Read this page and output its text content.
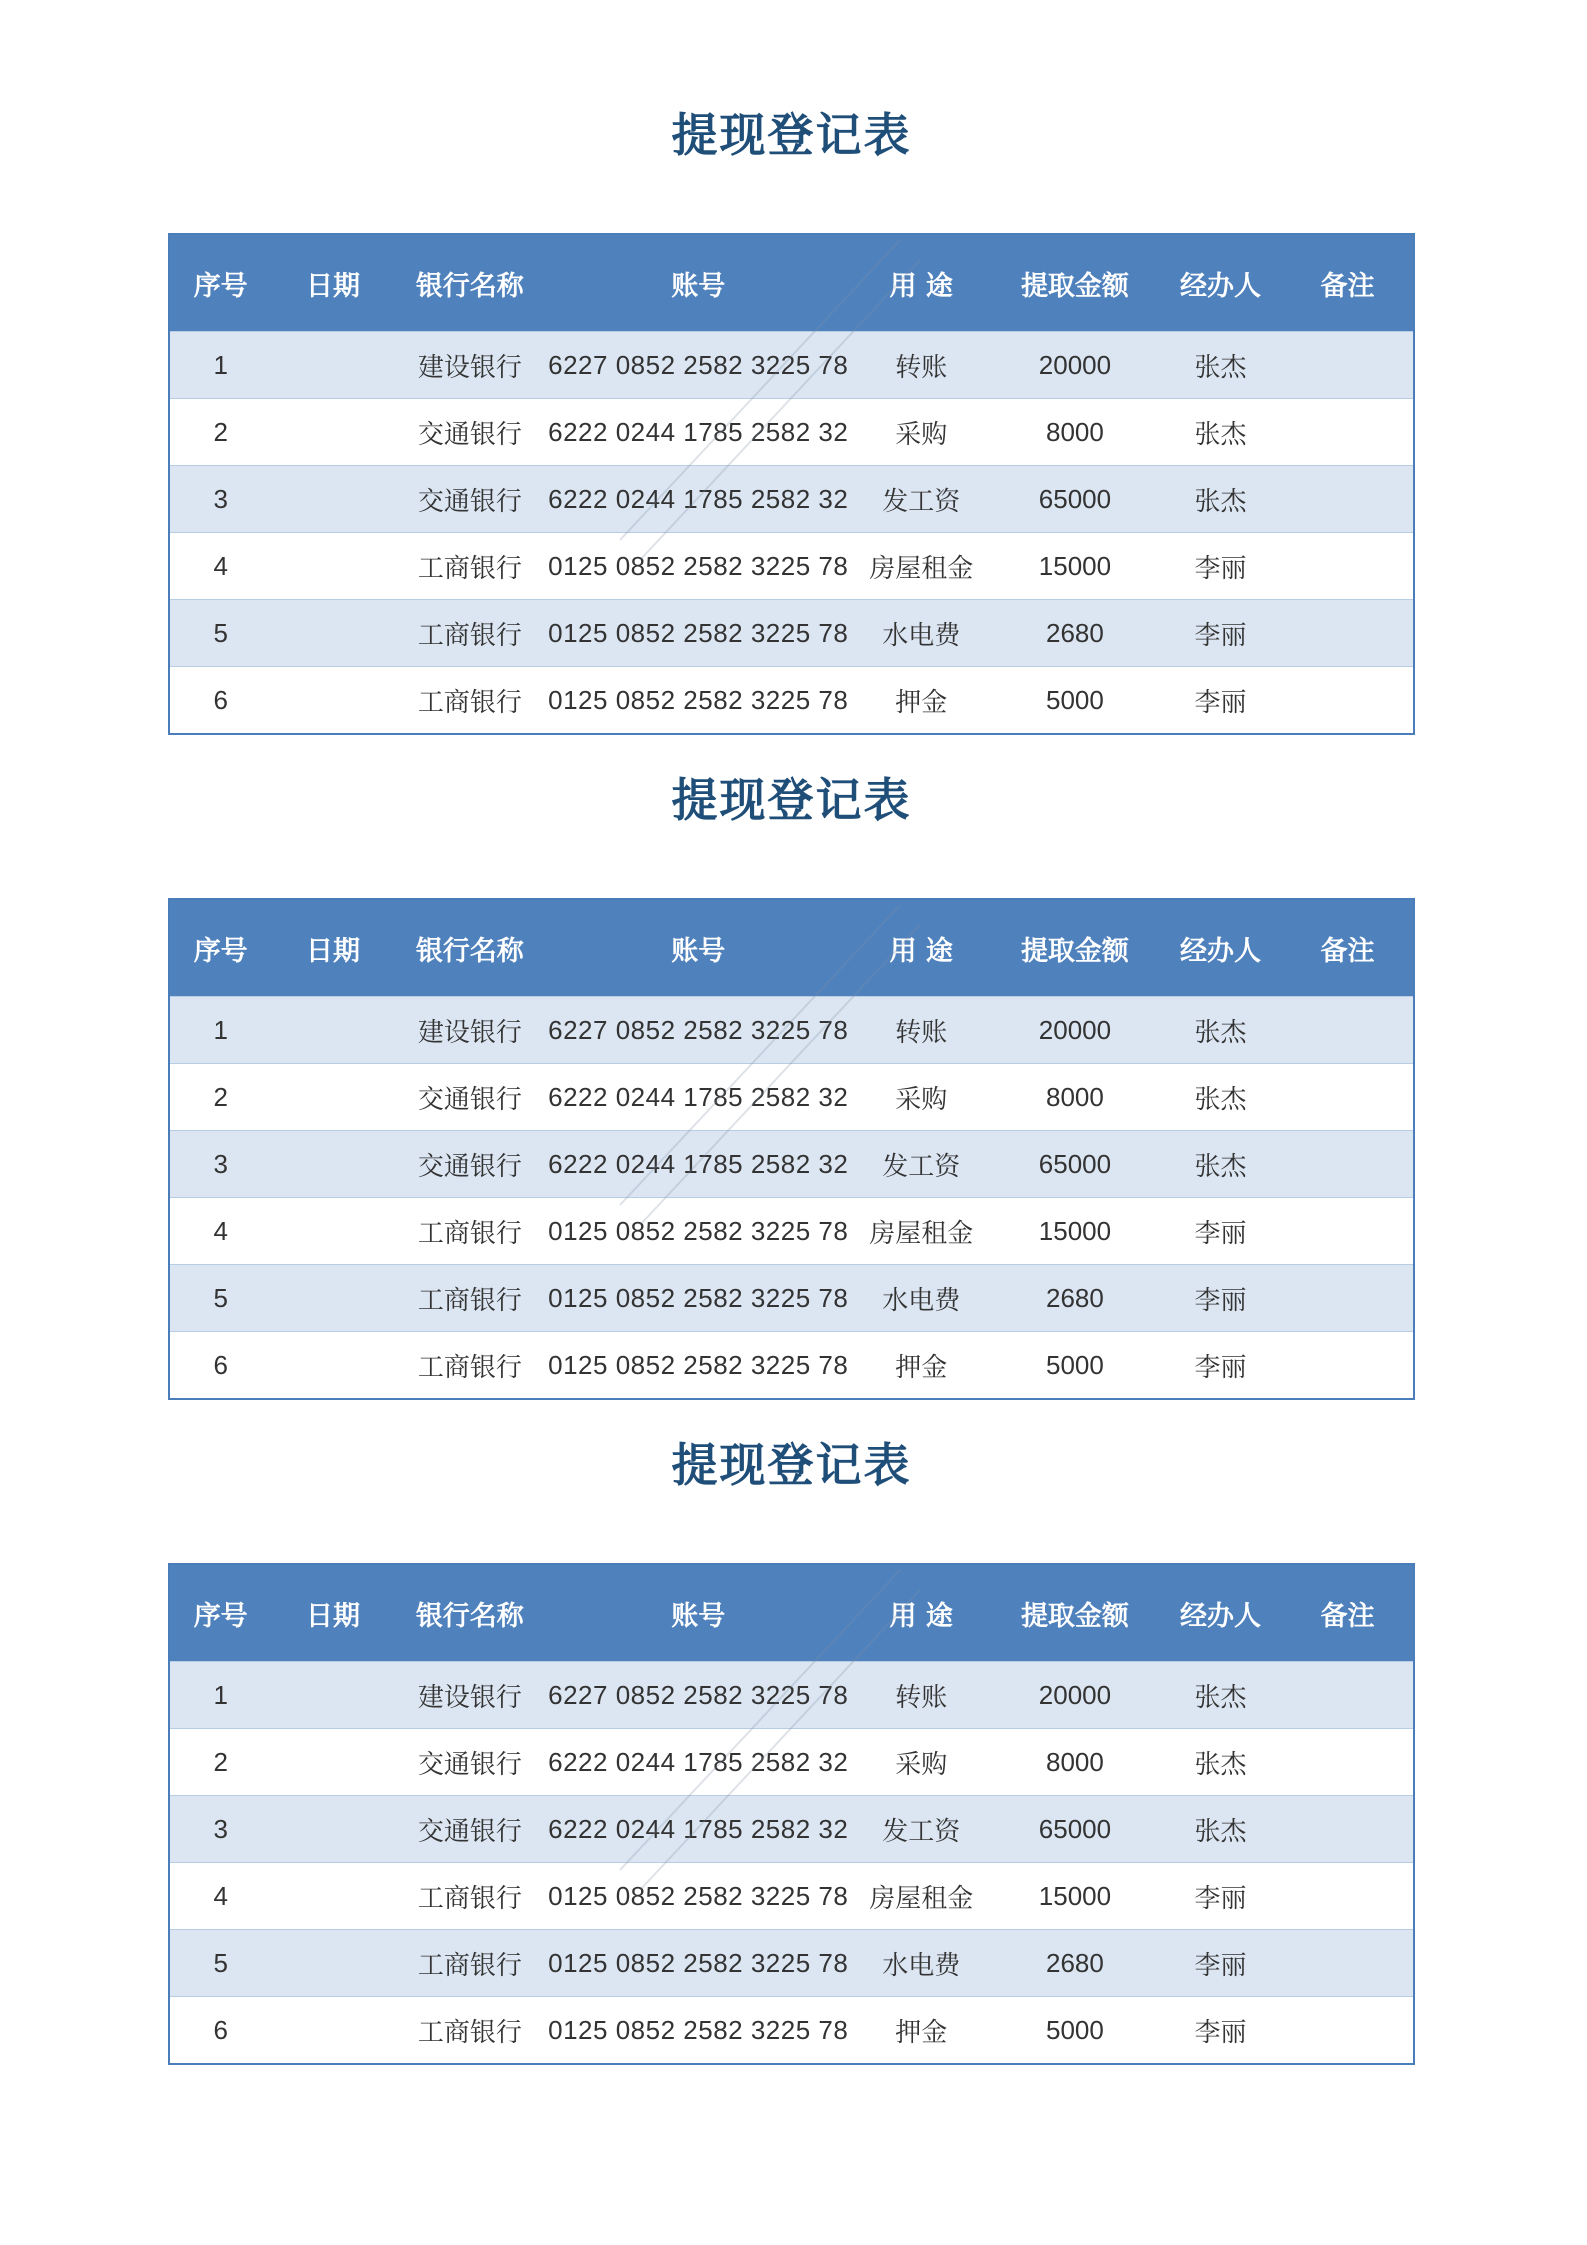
提现登记表
序号	日期	银行名称	账号	用 途	提取金额	经办人	备注
1		建设银行	6227 0852 2582 3225 78	转账	20000	张杰	
2		交通银行	6222 0244 1785 2582 32	采购	8000	张杰	
3		交通银行	6222 0244 1785 2582 32	发工资	65000	张杰	
4		工商银行	0125 0852 2582 3225 78	房屋租金	15000	李丽	
5		工商银行	0125 0852 2582 3225 78	水电费	2680	李丽	
6		工商银行	0125 0852 2582 3225 78	押金	5000	李丽	
提现登记表
序号	日期	银行名称	账号	用 途	提取金额	经办人	备注
1		建设银行	6227 0852 2582 3225 78	转账	20000	张杰	
2		交通银行	6222 0244 1785 2582 32	采购	8000	张杰	
3		交通银行	6222 0244 1785 2582 32	发工资	65000	张杰	
4		工商银行	0125 0852 2582 3225 78	房屋租金	15000	李丽	
5		工商银行	0125 0852 2582 3225 78	水电费	2680	李丽	
6		工商银行	0125 0852 2582 3225 78	押金	5000	李丽	
提现登记表
序号	日期	银行名称	账号	用 途	提取金额	经办人	备注
1		建设银行	6227 0852 2582 3225 78	转账	20000	张杰	
2		交通银行	6222 0244 1785 2582 32	采购	8000	张杰	
3		交通银行	6222 0244 1785 2582 32	发工资	65000	张杰	
4		工商银行	0125 0852 2582 3225 78	房屋租金	15000	李丽	
5		工商银行	0125 0852 2582 3225 78	水电费	2680	李丽	
6		工商银行	0125 0852 2582 3225 78	押金	5000	李丽	
